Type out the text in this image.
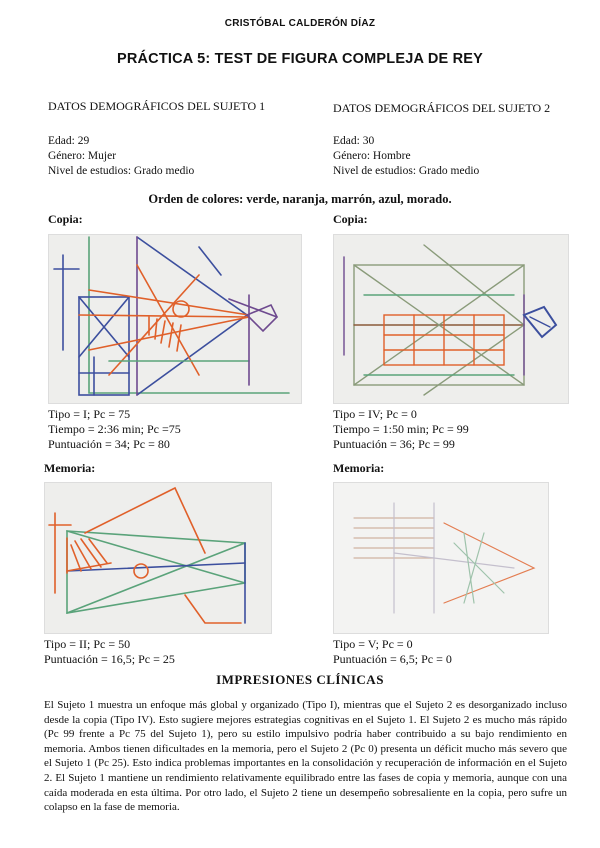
CRISTÓBAL CALDERÓN DÍAZ
PRÁCTICA 5: TEST DE FIGURA COMPLEJA DE REY
DATOS DEMOGRÁFICOS DEL SUJETO 1
Edad: 29
Género: Mujer
Nivel de estudios: Grado medio
DATOS DEMOGRÁFICOS DEL SUJETO 2
Edad: 30
Género: Hombre
Nivel de estudios: Grado medio
Orden de colores: verde, naranja, marrón, azul, morado.
Copia:	Copia:
Tipo = I; Pc = 75
Tiempo = 2:36 min; Pc =75
Puntuación = 34; Pc = 80
Tipo = IV; Pc = 0
Tiempo = 1:50 min; Pc = 99
Puntuación = 36; Pc = 99
Memoria:	Memoria:
Tipo = II; Pc = 50
Puntuación = 16,5; Pc = 25
Tipo = V; Pc = 0
Puntuación = 6,5; Pc = 0
IMPRESIONES CLÍNICAS
El Sujeto 1 muestra un enfoque más global y organizado (Tipo I), mientras que el Sujeto 2 es desorganizado incluso desde la copia (Tipo IV). Esto sugiere mejores estrategias cognitivas en el Sujeto 1. El Sujeto 2 es mucho más rápido (Pc 99 frente a Pc 75 del Sujeto 1), pero su estilo impulsivo podría haber contribuido a su bajo rendimiento en memoria. Ambos tienen dificultades en la memoria, pero el Sujeto 2 (Pc 0) presenta un déficit mucho más severo que el Sujeto 1 (Pc 25). Esto indica problemas importantes en la consolidación y recuperación de información en el Sujeto 2. El Sujeto 1 mantiene un rendimiento relativamente equilibrado entre las fases de copia y memoria, aunque con una caída moderada en esta última. Por otro lado, el Sujeto 2 tiene un desempeño sobresaliente en la copia, pero sufre un colapso en la fase de memoria.
